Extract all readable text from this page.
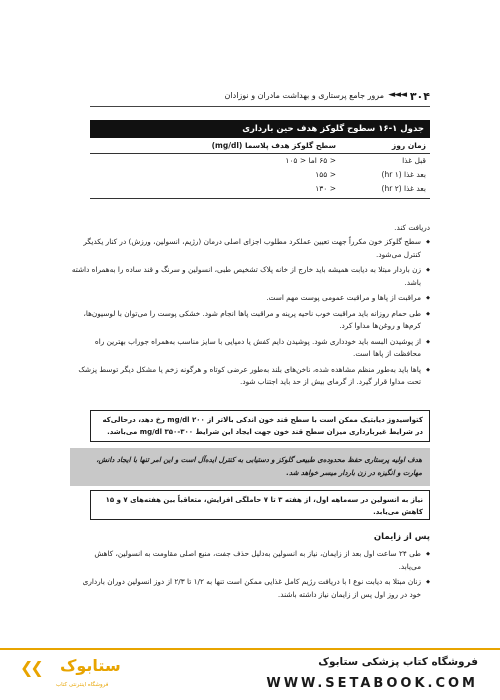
۳۰۴
◄◄◄
مرور جامع پرستاری و بهداشت مادران و نوزادان
جدول ۱-۱۶ سطوح گلوکز هدف حین بارداری
زمان روز
سطح گلوکز هدف پلاسما (mg/dl)
قبل غذا
< ۶۵ اما < ۱۰۵
بعد غذا (۱ hr)
< ۱۵۵
بعد غذا (۲ hr)
< ۱۳۰

دریافت کند.

◆ سطح گلوکز خون مکرراً جهت تعیین عملکرد مطلوب اجزای اصلی درمان (رژیم، انسولین، ورزش) در کنار یکدیگر کنترل می‌شود.
◆ زن باردار مبتلا به دیابت همیشه باید خارج از خانه پلاک تشخیص طبی، انسولین و سرنگ و قند ساده را به‌همراه داشته باشد.
◆ مراقبت از پاها و مراقبت عمومی پوست مهم است.
◆ طی حمام روزانه باید مراقبت خوب ناحیه پرینه و مراقبت پاها انجام شود. خشکی پوست را می‌توان با لوسیون‌ها، کرم‌ها و روغن‌ها مداوا کرد.
◆ از پوشیدن البسه باید خودداری شود. پوشیدن دایم کفش یا دمپایی با سایز مناسب به‌همراه جوراب بهترین راه محافظت از پاها است.
◆ پاها باید به‌طور منظم مشاهده شده، ناخن‌های بلند به‌طور عرضی کوتاه و هرگونه زخم یا مشکل دیگر توسط پزشک تحت مداوا قرار گیرد. از گرمای بیش از حد باید اجتناب شود.
کتواسیدوز دیابتیک ممکن است با سطح قند خون اندکی بالاتر از ۲۰۰ mg/dl رخ دهد، درحالی‌که در شرایط غیربارداری میزان سطح قند خون جهت ایجاد این شرایط ۳۰۰-۳۵۰ mg/dl می‌باشد.
هدف اولیه پرستاری حفظ محدوده‌ی طبیعی گلوکز و دستیابی به کنترل ایده‌آل است و این امر تنها با ایجاد دانش، مهارت و انگیزه در زن باردار میسر خواهد شد.
نیاز به انسولین در سه‌ماهه اول، از هفته ۳ تا ۷ حاملگی افزایش، متعاقباً بین هفته‌های ۷ و ۱۵ کاهش می‌یابد.
پس از زایمان
◆ طی ۲۴ ساعت اول بعد از زایمان، نیاز به انسولین به‌دلیل حذف جفت، منبع اصلی مقاومت به انسولین، کاهش می‌یابد.
◆ زنان مبتلا به دیابت نوع I با دریافت رژیم کامل غذایی ممکن است تنها به ۱/۲ تا ۲/۳ از دوز انسولین دوران بارداری خود در روز اول پس از زایمان نیاز داشته باشند.
فروشگاه کتاب پزشکی ستابوک
WWW.SETABOOK.COM
❮❮ ستابوک
فروشگاه اینترنتی کتاب
